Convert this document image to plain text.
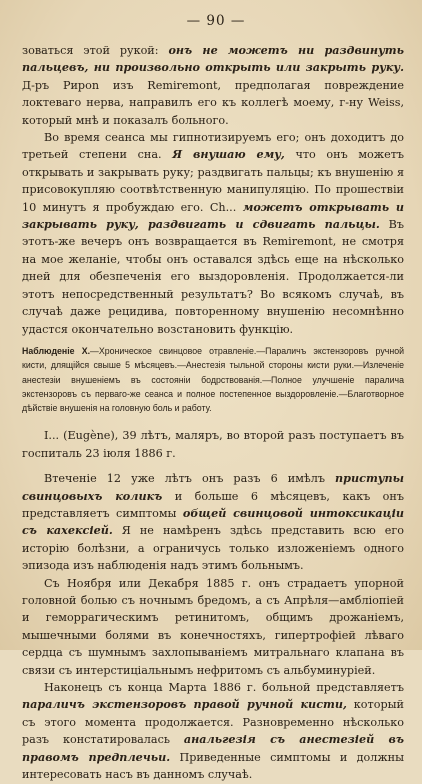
— 90 —

зоваться этой рукой: онъ не можетъ ни раздвинуть пальцевъ, ни произвольно открыть или закрыть руку. Д-ръ Pирon изъ Remiremont, предполагая повреждение локтеваго нерва, направилъ его къ коллегѣ моему, г-ну Weiss, который мнѣ и показалъ больного.

Во время сеанса мы гипнотизируемъ его; онъ доходитъ до третьей степени сна. Я внушаю ему, что онъ можетъ открывать и закрывать руку; раздвигать пальцы; къ внушенію я присовокупляю соотвѣтственную манипуляцію. По прошествіи 10 минутъ я пробуждаю его. Ch... можетъ открывать и закрывать руку, раздвигать и сдвигать пальцы. Въ этотъ-же вечеръ онъ возвращается въ Remiremont, не смотря на мое желаніе, чтобы онъ оставался здѣсь еще на нѣсколько дней для обезпеченія его выздоровленія. Продолжается-ли этотъ непосредственный результатъ? Во всякомъ случаѣ, въ случаѣ даже рецидива, повторенному внушенію несомнѣнно удастся окончательно возстановить функцію.

Наблюденіе X.—Хроническое свинцовое отравленіе.—Параличъ экстензоровъ ручной кисти, длящійся свыше 5 мѣсяцевъ.—Анестезія тыльной стороны кисти руки.—Излеченіе анестезіи внушеніемъ въ состояніи бодрствованія.—Полное улучшеніе паралича экстензоровъ съ перваго-же сеанса и полное постепенное выздоровленіе.—Благотворное дѣйствіе внушенія на головную боль и работу.

I... (Eugène), 39 лѣтъ, маляръ, во второй разъ поступаетъ въ госпиталь 23 іюля 1886 г.

Втеченіе 12 уже лѣтъ онъ разъ 6 имѣлъ приступы свинцовыхъ коликъ и больше 6 мѣсяцевъ, какъ онъ представляетъ симптомы общей свинцовой интоксикаціи съ кахексіей. Я не намѣренъ здѣсь представить всю его исторію болѣзни, а ограничусь только изложеніемъ одного эпизода изъ наблюденія надъ этимъ больнымъ.

Съ Ноября или Декабря 1885 г. онъ страдаетъ упорной головной болью съ ночнымъ бредомъ, а съ Апрѣля—амбліопіей и геморрагическимъ ретинитомъ, общимъ дрожаніемъ, мышечными болями въ конечностяхъ, гипертрофіей лѣваго сердца съ шумнымъ захлопываніемъ митральнаго клапана въ связи съ интерстиціальнымъ нефритомъ съ альбуминуріей.

Наконецъ съ конца Марта 1886 г. больной представляетъ параличъ экстензоровъ правой ручной кисти, который съ этого момента продолжается. Разновременно нѣсколько разъ констатировалась анальгезія съ анестезіей въ правомъ предплечьи. Приведенные симптомы и должны интересовать насъ въ данномъ случаѣ.
